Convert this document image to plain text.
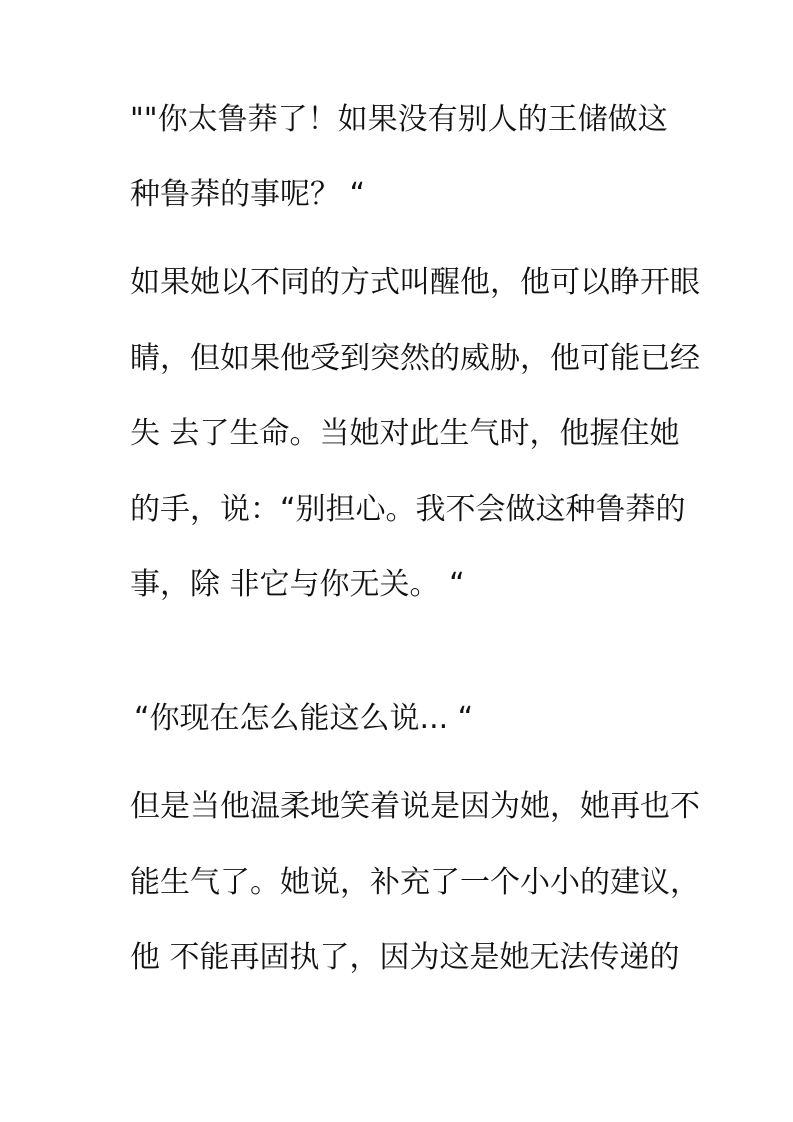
""你太鲁莽了！如果没有别人的王储做这
种鲁莽的事呢？ “
如果她以不同的方式叫醒他，他可以睁开眼
睛，但如果他受到突然的威胁，他可能已经
失 去了生命。当她对此生气时，他握住她
的手，说：“别担心。我不会做这种鲁莽的
事，除 非它与你无关。 “
“你现在怎么能这么说... “
但是当他温柔地笑着说是因为她，她再也不
能生气了。她说，补充了一个小小的建议，
他 不能再固执了，因为这是她无法传递的
